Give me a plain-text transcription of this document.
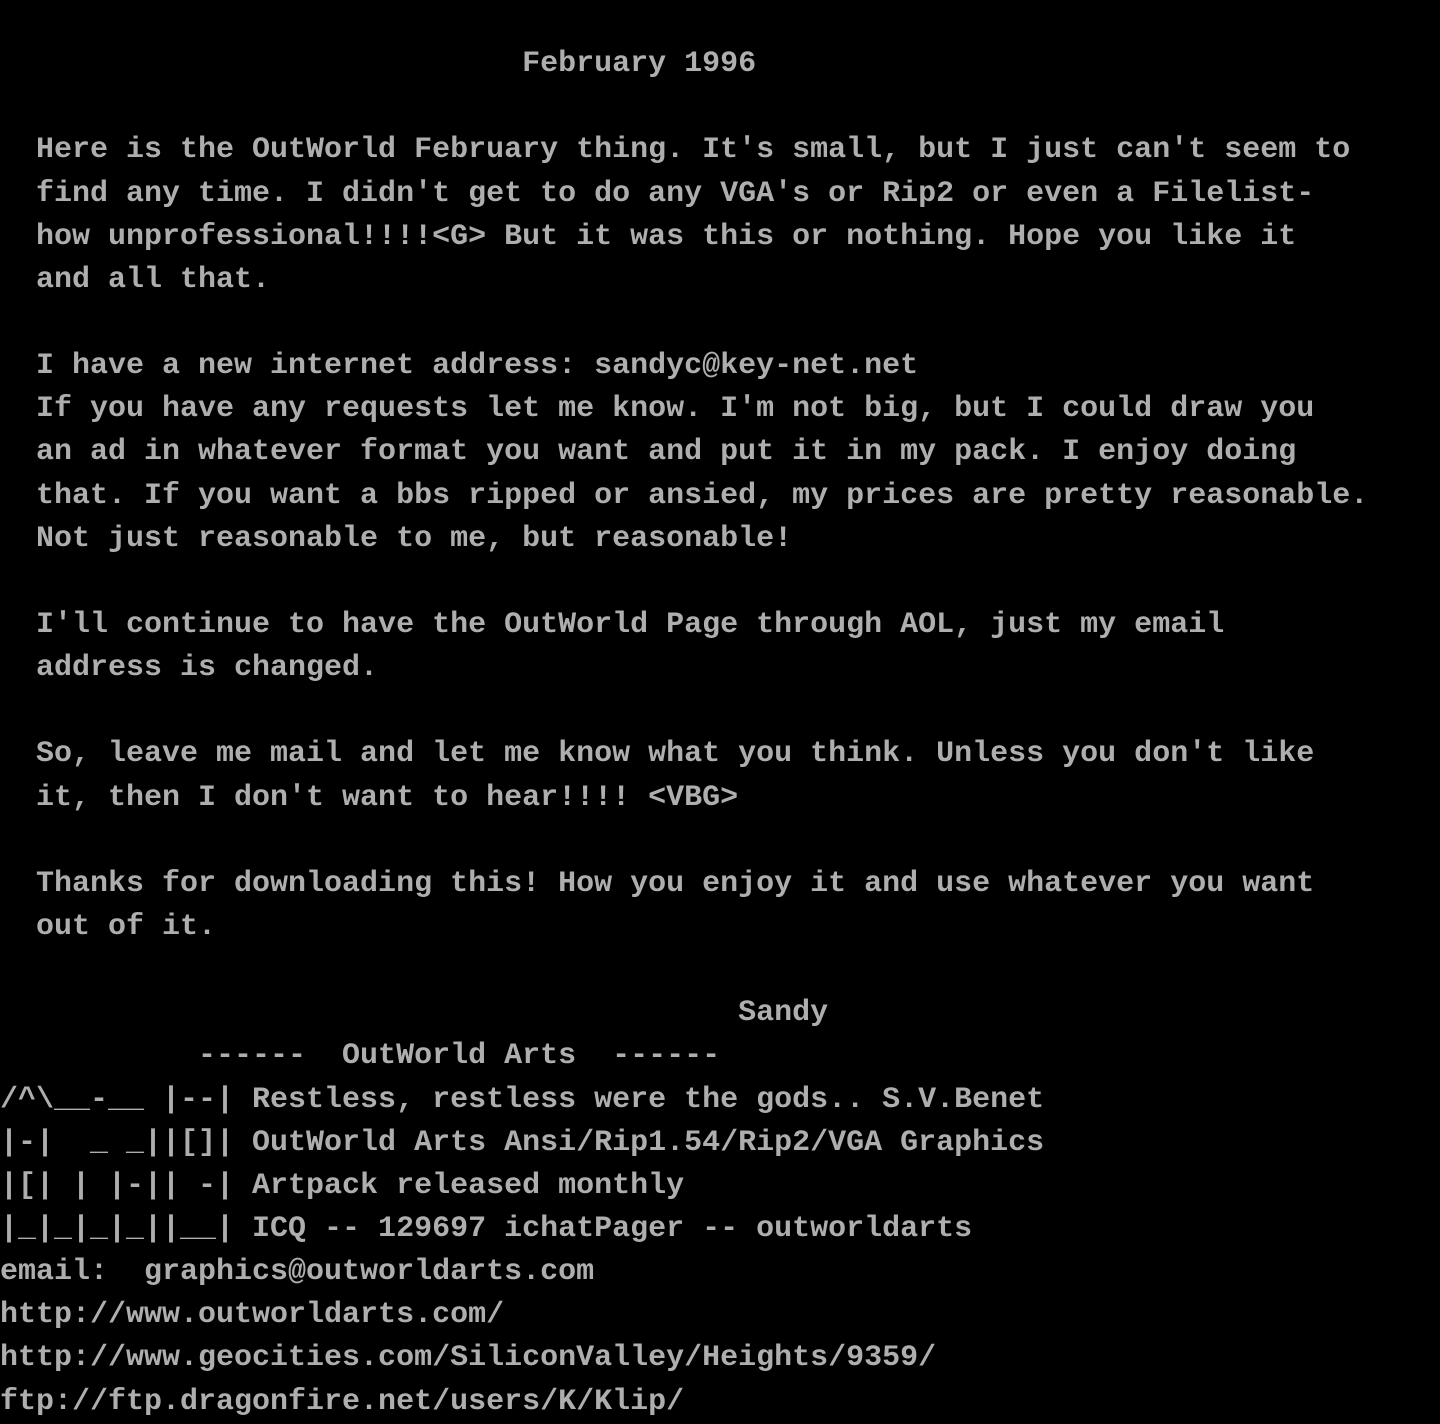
February 1996
Here is the OutWorld February thing. It's small, but I just can't seem to
find any time. I didn't get to do any VGA's or Rip2 or even a Filelist-
how unprofessional!!!!<G> But it was this or nothing. Hope you like it
and all that.
I have a new internet address: sandyc@key-net.net
If you have any requests let me know. I'm not big, but I could draw you
an ad in whatever format you want and put it in my pack. I enjoy doing
that. If you want a bbs ripped or ansied, my prices are pretty reasonable.
Not just reasonable to me, but reasonable!
I'll continue to have the OutWorld Page through AOL, just my email
address is changed.
So, leave me mail and let me know what you think. Unless you don't like
it, then I don't want to hear!!!! <VBG>
Thanks for downloading this! How you enjoy it and use whatever you want
out of it.
Sandy
------  OutWorld Arts  ------
/^\__-__ |--| Restless, restless were the gods.. S.V.Benet
|-|  _ _||[]| OutWorld Arts Ansi/Rip1.54/Rip2/VGA Graphics
|[| | |-|| -| Artpack released monthly
|_|_|_|_||__| ICQ -- 129697 ichatPager -- outworldarts
email:  graphics@outworldarts.com
http://www.outworldarts.com/
http://www.geocities.com/SiliconValley/Heights/9359/
ftp://ftp.dragonfire.net/users/K/Klip/
